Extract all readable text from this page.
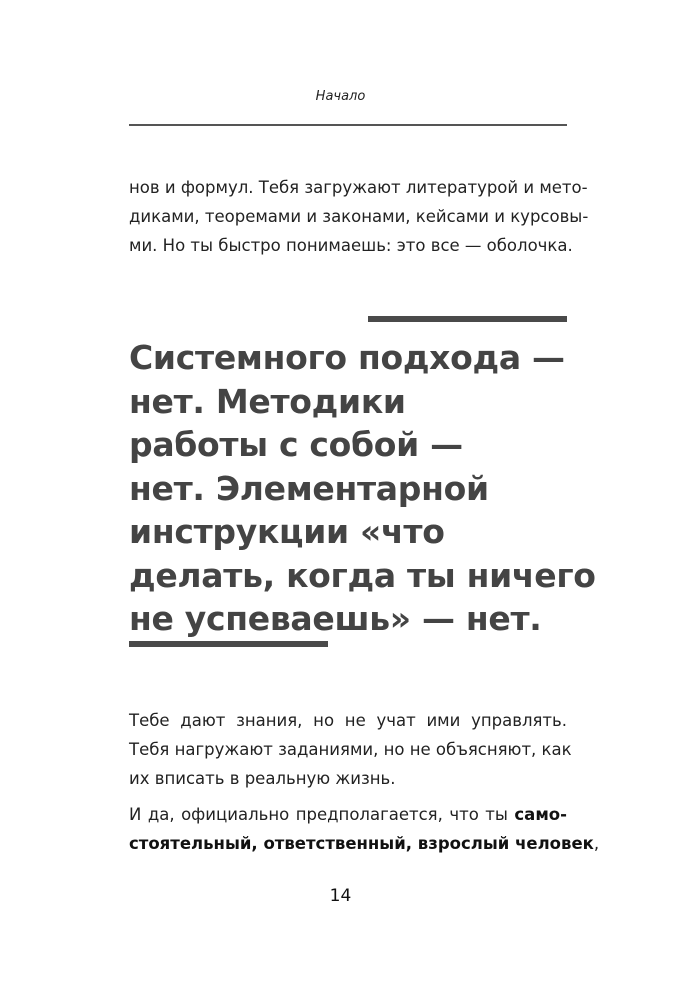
Начало
нов и формул. Тебя загружают литературой и мето-
диками, теоремами и законами, кейсами и курсовы-
ми. Но ты быстро понимаешь: это все — оболочка.
Системного подхода —
нет. Методики
работы с собой —
нет. Элементарной
инструкции «что
делать, когда ты ничего
не успеваешь» — нет.
Тебе дают знания, но не учат ими управлять.
Тебя нагружают заданиями, но не объясняют, как
их вписать в реальную жизнь.
И да, официально предполагается, что ты само-
стоятельный, ответственный, взрослый человек,
14
